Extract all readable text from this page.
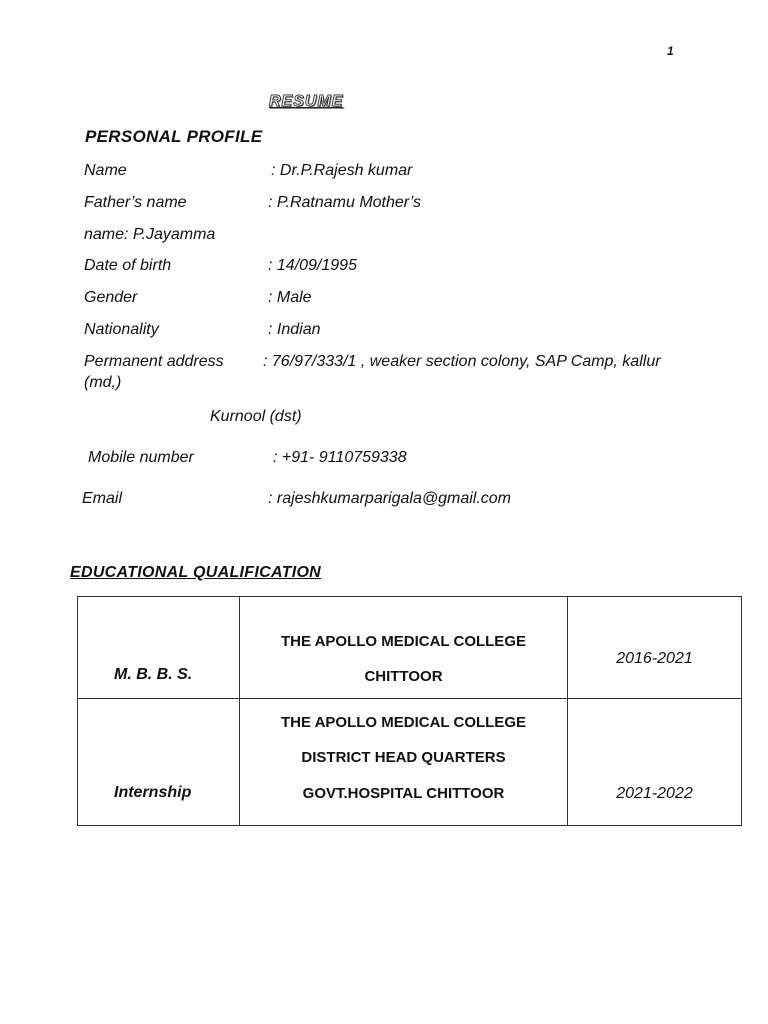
1
RESUME
PERSONAL PROFILE
Name	: Dr.P.Rajesh kumar
Father’s name	: P.Ratnamu Mother’s
name: P.Jayamma
Date of birth	: 14/09/1995
Gender	: Male
Nationality	: Indian
Permanent address : 76/97/333/1 , weaker section colony, SAP Camp, kallur
(md,)
Kurnool (dst)
Mobile number	: +91- 9110759338
Email	: rajeshkumarparigala@gmail.com
EDUCATIONAL QUALIFICATION
M. B. B. S.	THE APOLLO MEDICAL COLLEGE
CHITTOOR	2016-2021

Internship	THE APOLLO MEDICAL COLLEGE
DISTRICT HEAD QUARTERS
GOVT.HOSPITAL CHITTOOR	2021-2022
